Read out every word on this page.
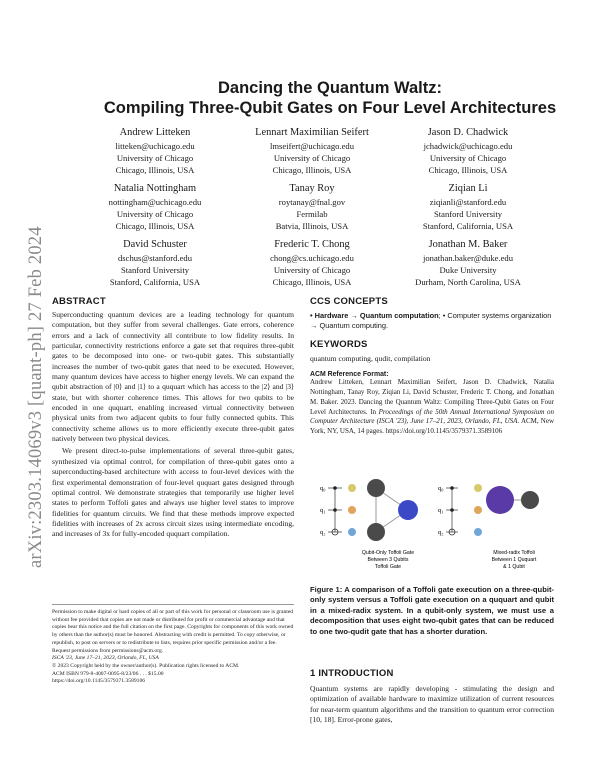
arXiv:2303.14069v3 [quant-ph] 27 Feb 2024
Dancing the Quantum Waltz:
Compiling Three-Qubit Gates on Four Level Architectures
Andrew Litteken
litteken@uchicago.edu
University of Chicago
Chicago, Illinois, USA
Lennart Maximilian Seifert
lmseifert@uchicago.edu
University of Chicago
Chicago, Illinois, USA
Jason D. Chadwick
jchadwick@uchicago.edu
University of Chicago
Chicago, Illinois, USA
Natalia Nottingham
nottingham@uchicago.edu
University of Chicago
Chicago, Illinois, USA
Tanay Roy
roytanay@fnal.gov
Fermilab
Batvia, Illinois, USA
Ziqian Li
ziqianli@stanford.edu
Stanford University
Stanford, California, USA
David Schuster
dschus@stanford.edu
Stanford University
Stanford, California, USA
Frederic T. Chong
chong@cs.uchicago.edu
University of Chicago
Chicago, Illinois, USA
Jonathan M. Baker
jonathan.baker@duke.edu
Duke University
Durham, North Carolina, USA
ABSTRACT

Superconducting quantum devices are a leading technology for quantum computation, but they suffer from several challenges. Gate errors, coherence errors and a lack of connectivity all contribute to low fidelity results. In particular, connectivity restrictions enforce a gate set that requires three-qubit gates to be decomposed into one- or two-qubit gates. This substantially increases the number of two-qubit gates that need to be executed. However, many quantum devices have access to higher energy levels. We can expand the qubit abstraction of |0⟩ and |1⟩ to a ququart which has access to the |2⟩ and |3⟩ state, but with shorter coherence times. This allows for two qubits to be encoded in one ququart, enabling increased virtual connectivity between physical units from two adjacent qubits to four fully connected qubits. This connectivity scheme allows us to more efficiently execute three-qubit gates natively between two physical devices.

We present direct-to-pulse implementations of several three-qubit gates, synthesized via optimal control, for compilation of three-qubit gates onto a superconducting-based architecture with access to four-level devices with the first experimental demonstration of four-level ququart gates designed through optimal control. We demonstrate strategies that temporarily use higher level states to perform Toffoli gates and always use higher level states to improve fidelities for quantum circuits. We find that these methods improve expected fidelities with increases of 2x across circuit sizes using intermediate encoding, and increases of 3x for fully-encoded ququart compilation.

Permission to make digital or hard copies of all or part of this work for personal or classroom use is granted without fee provided that copies are not made or distributed for profit or commercial advantage and that copies bear this notice and the full citation on the first page. Copyrights for components of this work owned by others than the author(s) must be honored. Abstracting with credit is permitted. To copy otherwise, or republish, to post on servers or to redistribute to lists, requires prior specific permission and/or a fee. Request permissions from permissions@acm.org.
ISCA '23, June 17–21, 2023, Orlando, FL, USA
© 2023 Copyright held by the owner/author(s). Publication rights licensed to ACM.
ACM ISBN 979-8-4007-0095-8/23/06 . . . $15.00
https://doi.org/10.1145/3579371.3589106
CCS CONCEPTS
• Hardware → Quantum computation; • Computer systems organization → Quantum computing.
KEYWORDS
quantum computing, qudit, compilation
ACM Reference Format:
Andrew Litteken, Lennart Maximilian Seifert, Jason D. Chadwick, Natalia Nottingham, Tanay Roy, Ziqian Li, David Schuster, Frederic T. Chong, and Jonathan M. Baker. 2023. Dancing the Quantum Waltz: Compiling Three-Qubit Gates on Four Level Architectures. In Proceedings of the 50th Annual International Symposium on Computer Architecture (ISCA '23), June 17–21, 2023, Orlando, FL, USA. ACM, New York, NY, USA, 14 pages. https://doi.org/10.1145/3579371.3589106
q₀
q₁
q₂
Qubit-Only Toffoli Gate
Between 3 Qubits
Toffoli Gate
q₀
q₁
q₂
Mixed-radix Toffoli
Between 1 Ququart
& 1 Qubit
Figure 1: A comparison of a Toffoli gate execution on a three-qubit-only system versus a Toffoli gate execution on a ququart and qubit in a mixed-radix system. In a qubit-only system, we must use a decomposition that uses eight two-qubit gates that can be reduced to one two-qudit gate that has a shorter duration.
1 INTRODUCTION

Quantum systems are rapidly developing - stimulating the design and optimization of available hardware to maximize utilization of current resources for near-term quantum algorithms and the transition to quantum error correction [10, 18]. Error-prone gates,
